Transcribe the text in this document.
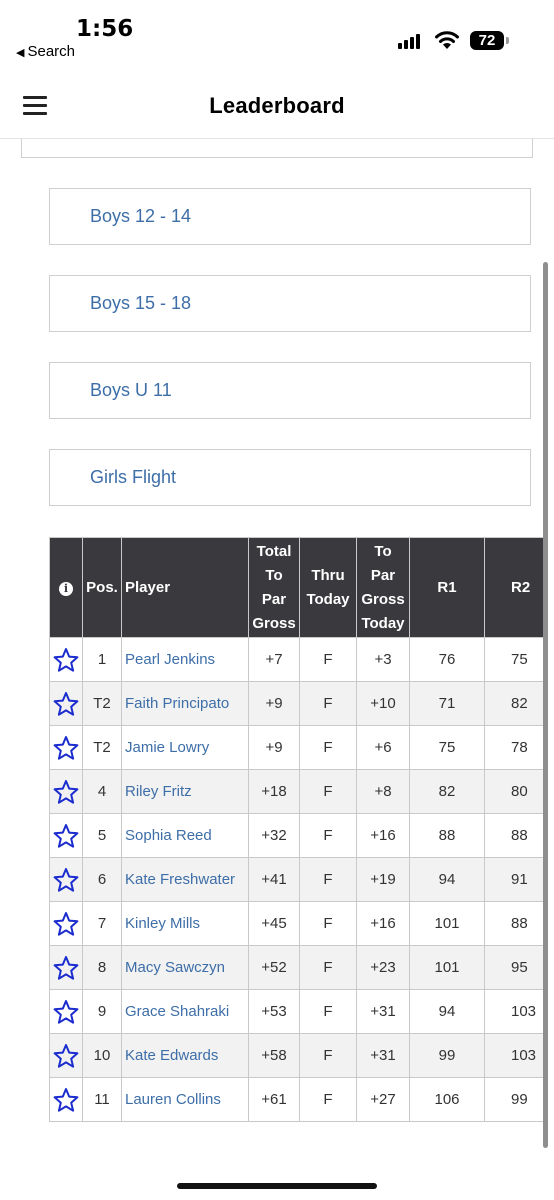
1:56
◀ Search
72
Leaderboard
Boys 12 - 14
Boys 15 - 18
Boys U 11
Girls Flight
i	Pos.	Player	Total
To
Par
Gross	Thru
Today	To
Par
Gross
Today	R1	R2

	1	Pearl Jenkins	+7	F	+3	76	75

	T2	Faith Principato	+9	F	+10	71	82

	T2	Jamie Lowry	+9	F	+6	75	78

	4	Riley Fritz	+18	F	+8	82	80

	5	Sophia Reed	+32	F	+16	88	88

	6	Kate Freshwater	+41	F	+19	94	91

	7	Kinley Mills	+45	F	+16	101	88

	8	Macy Sawczyn	+52	F	+23	101	95

	9	Grace Shahraki	+53	F	+31	94	103

	10	Kate Edwards	+58	F	+31	99	103

	11	Lauren Collins	+61	F	+27	106	99
